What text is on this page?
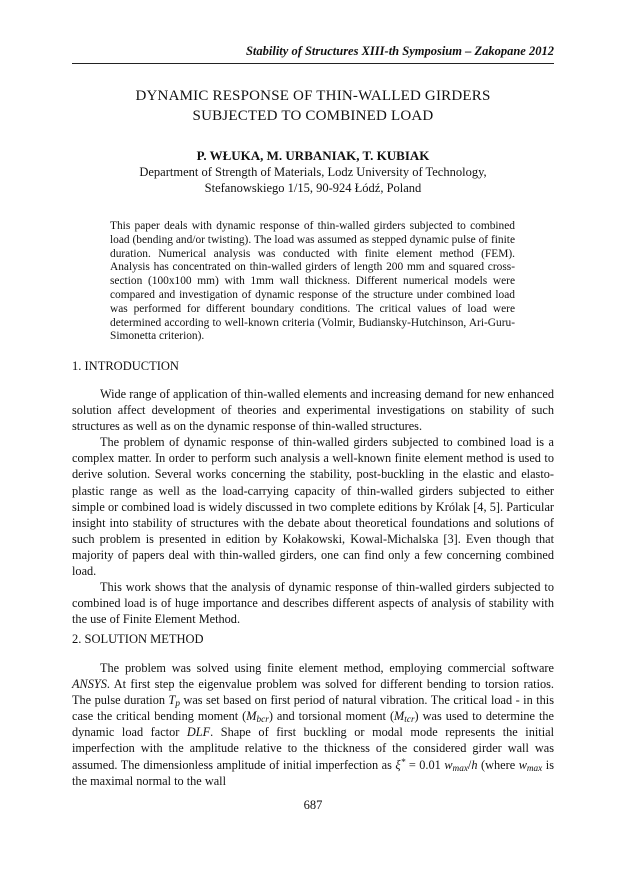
Stability of Structures XIII-th Symposium – Zakopane 2012
DYNAMIC RESPONSE OF THIN-WALLED GIRDERS
SUBJECTED TO COMBINED LOAD
P. WŁUKA, M. URBANIAK, T. KUBIAK
Department of Strength of Materials, Lodz University of Technology,
Stefanowskiego 1/15, 90-924 Łódź, Poland
This paper deals with dynamic response of thin-walled girders subjected to combined load (bending and/or twisting). The load was assumed as stepped dynamic pulse of finite duration. Numerical analysis was conducted with finite element method (FEM). Analysis has concentrated on thin-walled girders of length 200 mm and squared cross-section (100x100 mm) with 1mm wall thickness. Different numerical models were compared and investigation of dynamic response of the structure under combined load was performed for different boundary conditions. The critical values of load were determined according to well-known criteria (Volmir, Budiansky-Hutchinson, Ari-Guru-Simonetta criterion).
1. INTRODUCTION

Wide range of application of thin-walled elements and increasing demand for new enhanced solution affect development of theories and experimental investigations on stability of such structures as well as on the dynamic response of thin-walled structures.

The problem of dynamic response of thin-walled girders subjected to combined load is a complex matter. In order to perform such analysis a well-known finite element method is used to derive solution. Several works concerning the stability, post-buckling in the elastic and elasto-plastic range as well as the load-carrying capacity of thin-walled girders subjected to either simple or combined load is widely discussed in two complete editions by Królak [4, 5]. Particular insight into stability of structures with the debate about theoretical foundations and solutions of such problem is presented in edition by Kołakowski, Kowal-Michalska [3]. Even though that majority of papers deal with thin-walled girders, one can find only a few concerning combined load.

This work shows that the analysis of dynamic response of thin-walled girders subjected to combined load is of huge importance and describes different aspects of analysis of stability with the use of Finite Element Method.

2. SOLUTION METHOD

The problem was solved using finite element method, employing commercial software ANSYS. At first step the eigenvalue problem was solved for different bending to torsion ratios. The pulse duration $T_p$ was set based on first period of natural vibration. The critical load - in this case the critical bending moment $(M_{bcr})$ and torsional moment $(M_{tcr})$ was used to determine the dynamic load factor DLF. Shape of first buckling or modal mode represents the initial imperfection with the amplitude relative to the thickness of the considered girder wall was assumed. The dimensionless amplitude of initial imperfection as ξ* = 0.01 $w_{max}/h$ (where $w_{max}$ is the maximal normal to the wall

687
